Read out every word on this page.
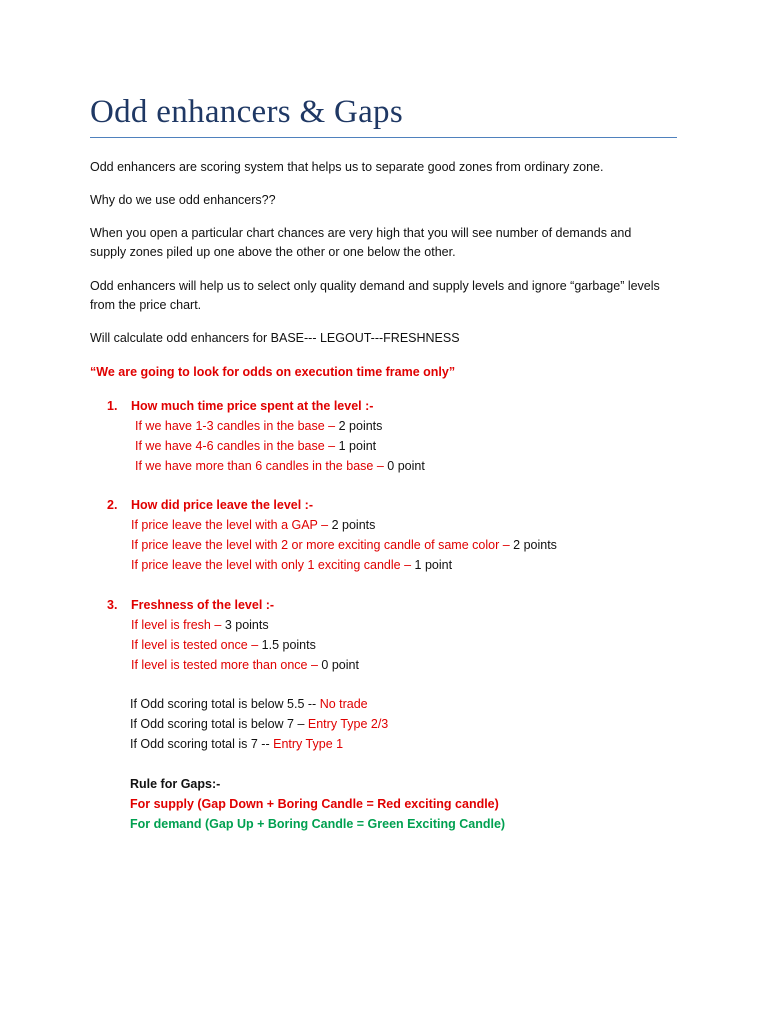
Odd enhancers & Gaps
Odd enhancers are scoring system that helps us to separate good zones from ordinary zone.
Why do we use odd enhancers??
When you open a particular chart chances are very high that you will see number of demands and
supply zones piled up one above the other or one below the other.
Odd enhancers will help us to select only quality demand and supply levels and ignore “garbage” levels
from the price chart.
Will calculate odd enhancers for BASE--- LEGOUT---FRESHNESS
“We are going to look for odds on execution time frame only”
1. How much time price spent at the level :-
If we have 1-3 candles in the base – 2 points
If we have 4-6 candles in the base – 1 point
If we have more than 6 candles in the base – 0 point
2. How did price leave the level :-
If price leave the level with a GAP – 2 points
If price leave the level with 2 or more exciting candle of same color – 2 points
If price leave the level with only 1 exciting candle – 1 point
3. Freshness of the level :-
If level is fresh – 3 points
If level is tested once – 1.5 points
If level is tested more than once – 0 point
If Odd scoring total is below 5.5 -- No trade
If Odd scoring total is below 7 – Entry Type 2/3
If Odd scoring total is 7 -- Entry Type 1
Rule for Gaps:-
For supply (Gap Down + Boring Candle = Red exciting candle)
For demand (Gap Up + Boring Candle = Green Exciting Candle)
